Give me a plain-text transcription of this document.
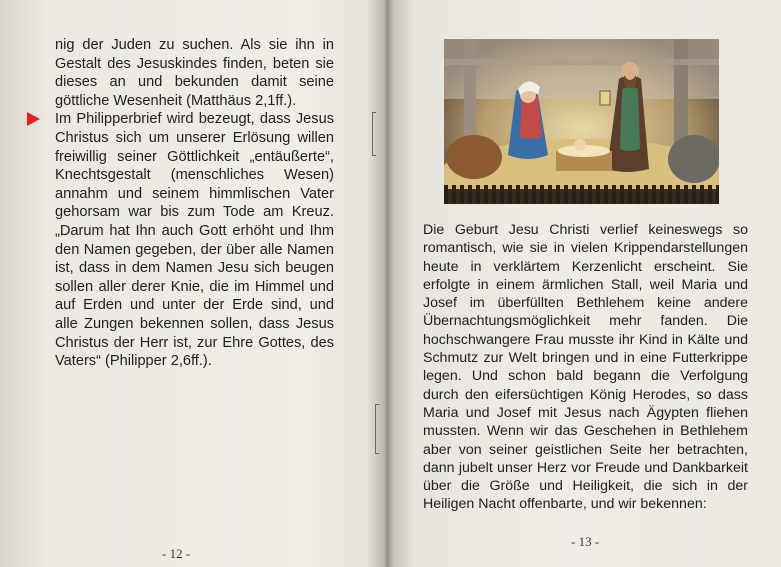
nig der Juden zu suchen. Als sie ihn in Gestalt des Jesuskindes finden, beten sie dieses an und bekunden damit seine göttliche Wesenheit (Matthäus 2,1ff.).

Im Philipperbrief wird bezeugt, dass Jesus Christus sich um unserer Erlösung willen freiwillig seiner Göttlichkeit „entäußerte“, Knechtsgestalt (menschliches Wesen) annahm und seinem himmlischen Vater gehorsam war bis zum Tode am Kreuz. „Darum hat Ihn auch Gott erhöht und Ihm den Namen gegeben, der über alle Namen ist, dass in dem Namen Jesu sich beugen sollen aller derer Knie, die im Himmel und auf Erden und unter der Erde sind, und alle Zungen bekennen sollen, dass Jesus Christus der Herr ist, zur Ehre Gottes, des Vaters“ (Philipper 2,6ff.).

- 12 -

Die Geburt Jesu Christi verlief keineswegs so romantisch, wie sie in vielen Krippendarstellungen heute in verklärtem Kerzenlicht erscheint. Sie erfolgte in einem ärmlichen Stall, weil Maria und Josef im überfüllten Bethlehem keine andere Übernachtungsmöglichkeit mehr fanden. Die hochschwangere Frau musste ihr Kind in Kälte und Schmutz zur Welt bringen und in eine Futterkrippe legen. Und schon bald begann die Verfolgung durch den eifersüchtigen König Herodes, so dass Maria und Josef mit Jesus nach Ägypten fliehen mussten. Wenn wir das Geschehen in Bethlehem aber von seiner geistlichen Seite her betrachten, dann jubelt unser Herz vor Freude und Dankbarkeit über die Größe und Heiligkeit, die sich in der Heiligen Nacht offenbarte, und wir bekennen:

- 13 -
